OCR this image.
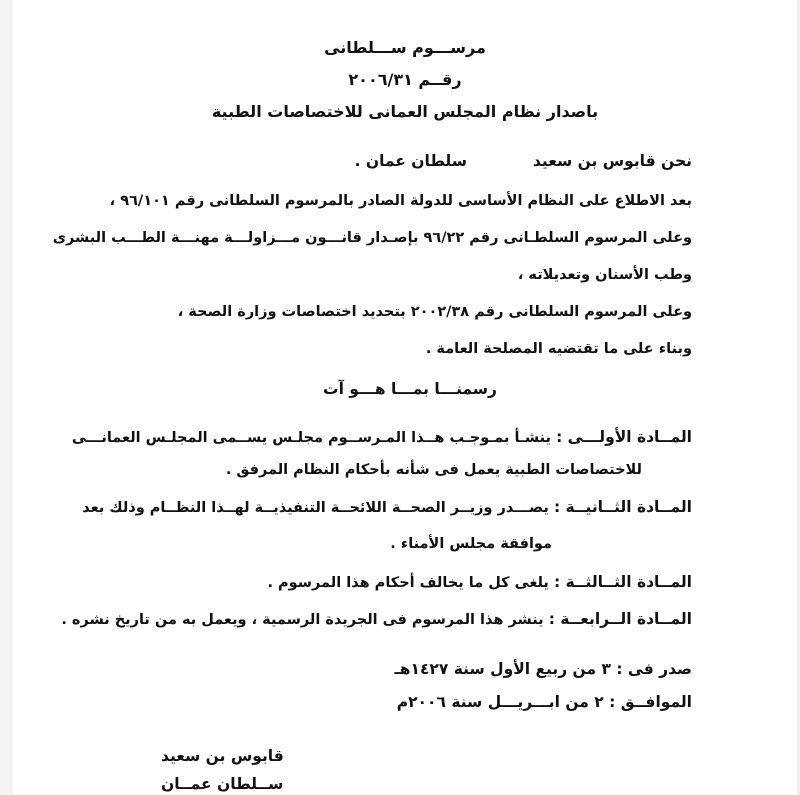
مرســـوم ســـلطانى
رقــم ٢٠٠٦/٣١
باصدار نظام المجلس العمانى للاختصاصات الطبية
نحن قابوس بن سعيد
سلطان عمان .
بعد الاطلاع على النظام الأساسى للدولة الصادر بالمرسوم السلطانى رقم ٩٦/١٠١ ،
وعلى المرسوم السلطـانى رقم ٩٦/٢٢ بإصـدار قانـــون مـــزاولـــة مهنـــة الطـــب البشرى
وطب الأسنان وتعديلاته ،
وعلى المرسوم السلطانى رقم ٢٠٠٢/٣٨ بتحديد اختصاصات وزارة الصحة ،
وبناء على ما تقتضيه المصلحة العامة .
رسمنـــا بمـــا هـــو آت
المــادة الأولـــى : ينشـأ بمـوجـب هــذا المـرســوم مجلـس يســمى المجلـس العمانـــى
للاختصاصات الطبية يعمل فى شأنه بأحكام النظام المرفق .
المــادة الثــانيــة : يصـــدر وزيــر الصحــة اللائحــة التنفيذيــة لهــذا النظــام وذلك بعد
موافقة مجلس الأمناء .
المــادة الثــالثــة : يلغى كل ما يخالف أحكام هذا المرسوم .
المــادة الــرابعــة : ينشر هذا المرسوم فى الجريدة الرسمية ، ويعمل به من تاريخ نشره .
صدر فى : ٣ من ربيع الأول سنة ١٤٢٧هـ
الموافــق : ٢ من ابـــريـــل سنة ٢٠٠٦م
قابوس بن سعيد
ســلطان عمــان
